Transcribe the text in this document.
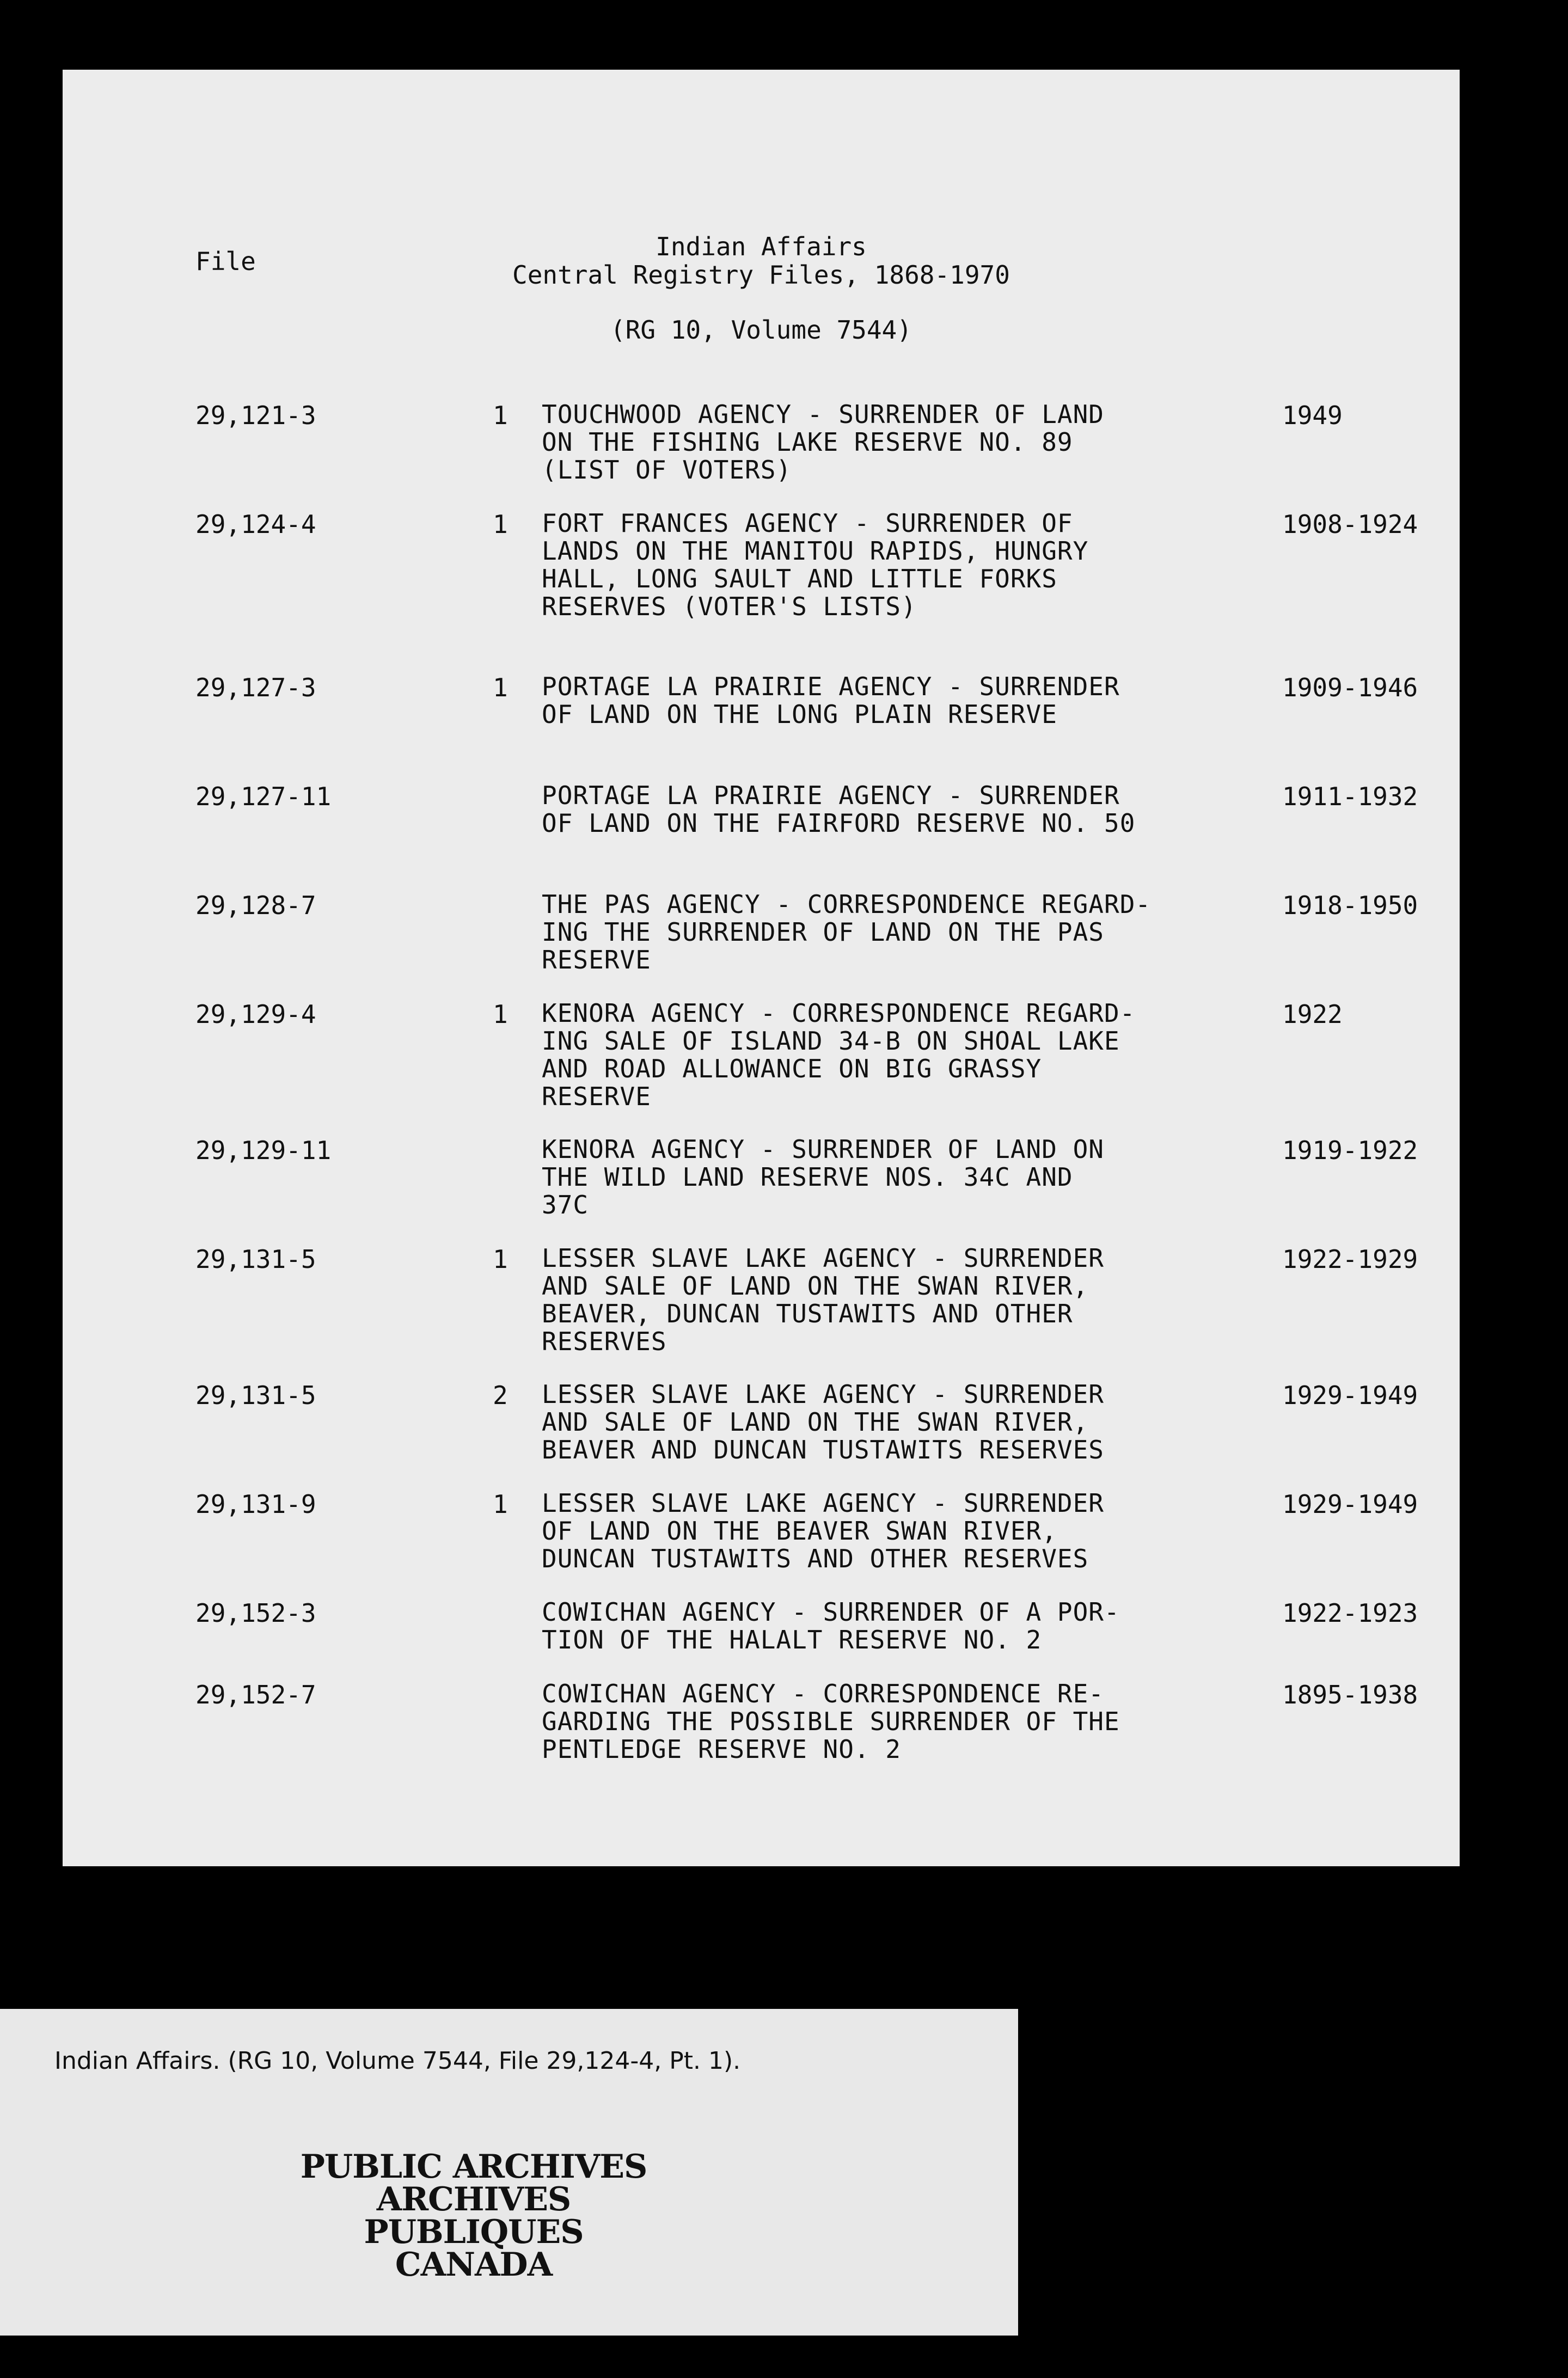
Indian Affairs
Central Registry Files, 1868-1970
File
(RG 10, Volume 7544)
29,121-3	1 TOUCHWOOD AGENCY - SURRENDER OF LAND
ON THE FISHING LAKE RESERVE NO. 89
(LIST OF VOTERS)
1949
29,124-4	1 FORT FRANCES AGENCY - SURRENDER OF
LANDS ON THE MANITOU RAPIDS, HUNGRY
HALL, LONG SAULT AND LITTLE FORKS
RESERVES (VOTER'S LISTS)
1908-1924
29,127-3	1 PORTAGE LA PRAIRIE AGENCY - SURRENDER
OF LAND ON THE LONG PLAIN RESERVE
1909-1946
29,127-11	PORTAGE LA PRAIRIE AGENCY - SURRENDER
OF LAND ON THE FAIRFORD RESERVE NO. 50
1911-1932
29,128-7	THE PAS AGENCY - CORRESPONDENCE REGARD-
ING THE SURRENDER OF LAND ON THE PAS
RESERVE
1918-1950
29,129-4	1 KENORA AGENCY - CORRESPONDENCE REGARD-
ING SALE OF ISLAND 34-B ON SHOAL LAKE
AND ROAD ALLOWANCE ON BIG GRASSY
RESERVE
1922
29,129-11	KENORA AGENCY - SURRENDER OF LAND ON
THE WILD LAND RESERVE NOS. 34C AND
37C
1919-1922
29,131-5	1 LESSER SLAVE LAKE AGENCY - SURRENDER
AND SALE OF LAND ON THE SWAN RIVER,
BEAVER, DUNCAN TUSTAWITS AND OTHER
RESERVES
1922-1929
29,131-5	2 LESSER SLAVE LAKE AGENCY - SURRENDER
AND SALE OF LAND ON THE SWAN RIVER,
BEAVER AND DUNCAN TUSTAWITS RESERVES
1929-1949
29,131-9	1 LESSER SLAVE LAKE AGENCY - SURRENDER
OF LAND ON THE BEAVER SWAN RIVER,
DUNCAN TUSTAWITS AND OTHER RESERVES
1929-1949
29,152-3	COWICHAN AGENCY - SURRENDER OF A POR-
TION OF THE HALALT RESERVE NO. 2
1922-1923
29,152-7	COWICHAN AGENCY - CORRESPONDENCE RE-
GARDING THE POSSIBLE SURRENDER OF THE
PENTLEDGE RESERVE NO. 2
1895-1938
Indian Affairs. (RG 10, Volume 7544, File 29,124-4, Pt. 1).
PUBLIC ARCHIVES
ARCHIVES PUBLIQUES
CANADA
